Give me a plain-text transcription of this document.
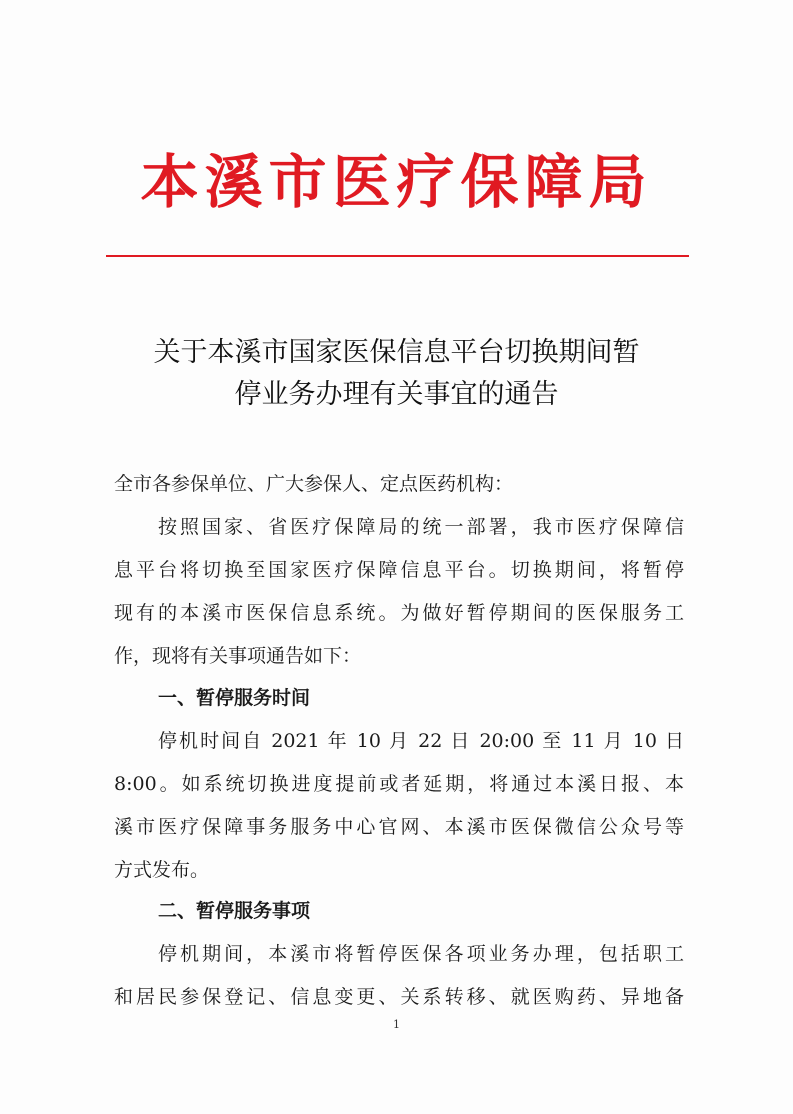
本溪市医疗保障局
关于本溪市国家医保信息平台切换期间暂
停业务办理有关事宜的通告
全市各参保单位、广大参保人、定点医药机构：
按照国家、省医疗保障局的统一部署，我市医疗保障信
息平台将切换至国家医疗保障信息平台。切换期间，将暂停
现有的本溪市医保信息系统。为做好暂停期间的医保服务工
作，现将有关事项通告如下：
一、暂停服务时间
停机时间自 2021 年 10 月 22 日 20:00 至 11 月 10 日
8:00。如系统切换进度提前或者延期，将通过本溪日报、本
溪市医疗保障事务服务中心官网、本溪市医保微信公众号等
方式发布。
二、暂停服务事项
停机期间，本溪市将暂停医保各项业务办理，包括职工
和居民参保登记、信息变更、关系转移、就医购药、异地备
1
